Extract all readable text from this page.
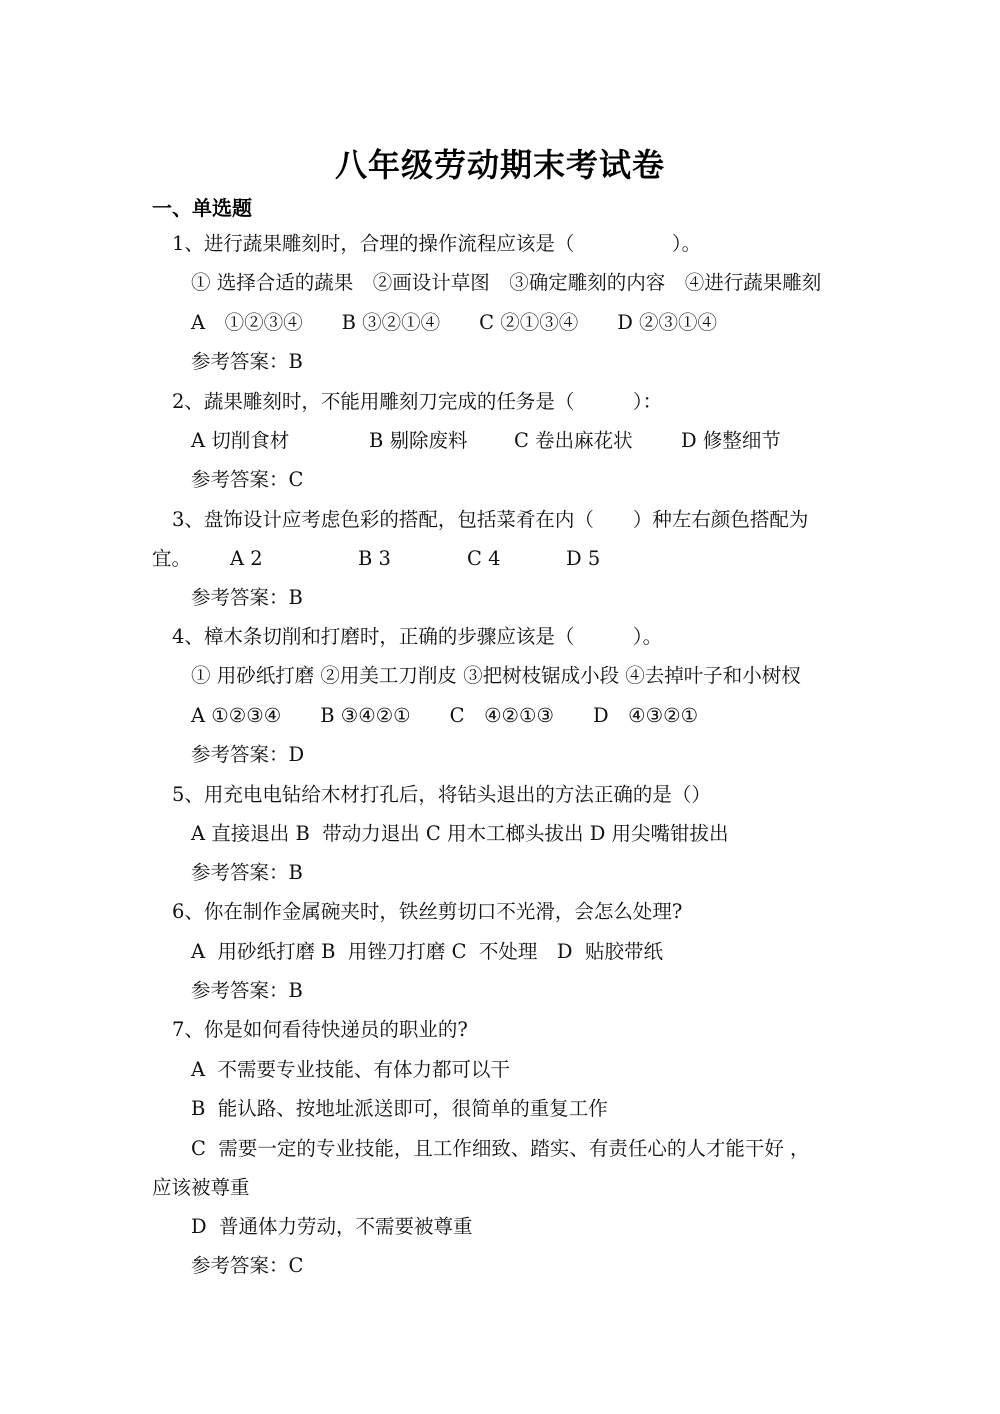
八年级劳动期末考试卷
一、单选题
1、进行蔬果雕刻时，合理的操作流程应该是（　　　　　）。
① 选择合适的蔬果　②画设计草图　③确定雕刻的内容　④进行蔬果雕刻
A　①②③④　　B ③②①④　　C ②①③④　　D ②③①④
参考答案：B
2、蔬果雕刻时，不能用雕刻刀完成的任务是（　　　）：

A 切削食材

	B 剔除废料

C 卷出麻花状

D 修整细节

参考答案：C
3、盘饰设计应考虑色彩的搭配，包括菜肴在内（　　）种左右颜色搭配为
宜。

A 2

	B 3

	C 4

	D 5

参考答案：B
4、樟木条切削和打磨时，正确的步骤应该是（　　　）。
① 用砂纸打磨 ②用美工刀削皮 ③把树枝锯成小段 ④去掉叶子和小树杈
A ①②③④　　B ③④②①　　C　④②①③　　D　④③②①
参考答案：D
5、用充电电钻给木材打孔后，将钻头退出的方法正确的是（）
A 直接退出 B  带动力退出 C 用木工榔头拔出 D 用尖嘴钳拔出
参考答案：B
6、你在制作金属碗夹时，铁丝剪切口不光滑，会怎么处理?
A  用砂纸打磨 B  用锉刀打磨 C  不处理　D  贴胶带纸
参考答案：B
7、你是如何看待快递员的职业的?
A  不需要专业技能、有体力都可以干
B  能认路、按地址派送即可，很简单的重复工作
C  需要一定的专业技能，且工作细致、踏实、有责任心的人才能干好 ，
应该被尊重
D  普通体力劳动，不需要被尊重
参考答案：C
